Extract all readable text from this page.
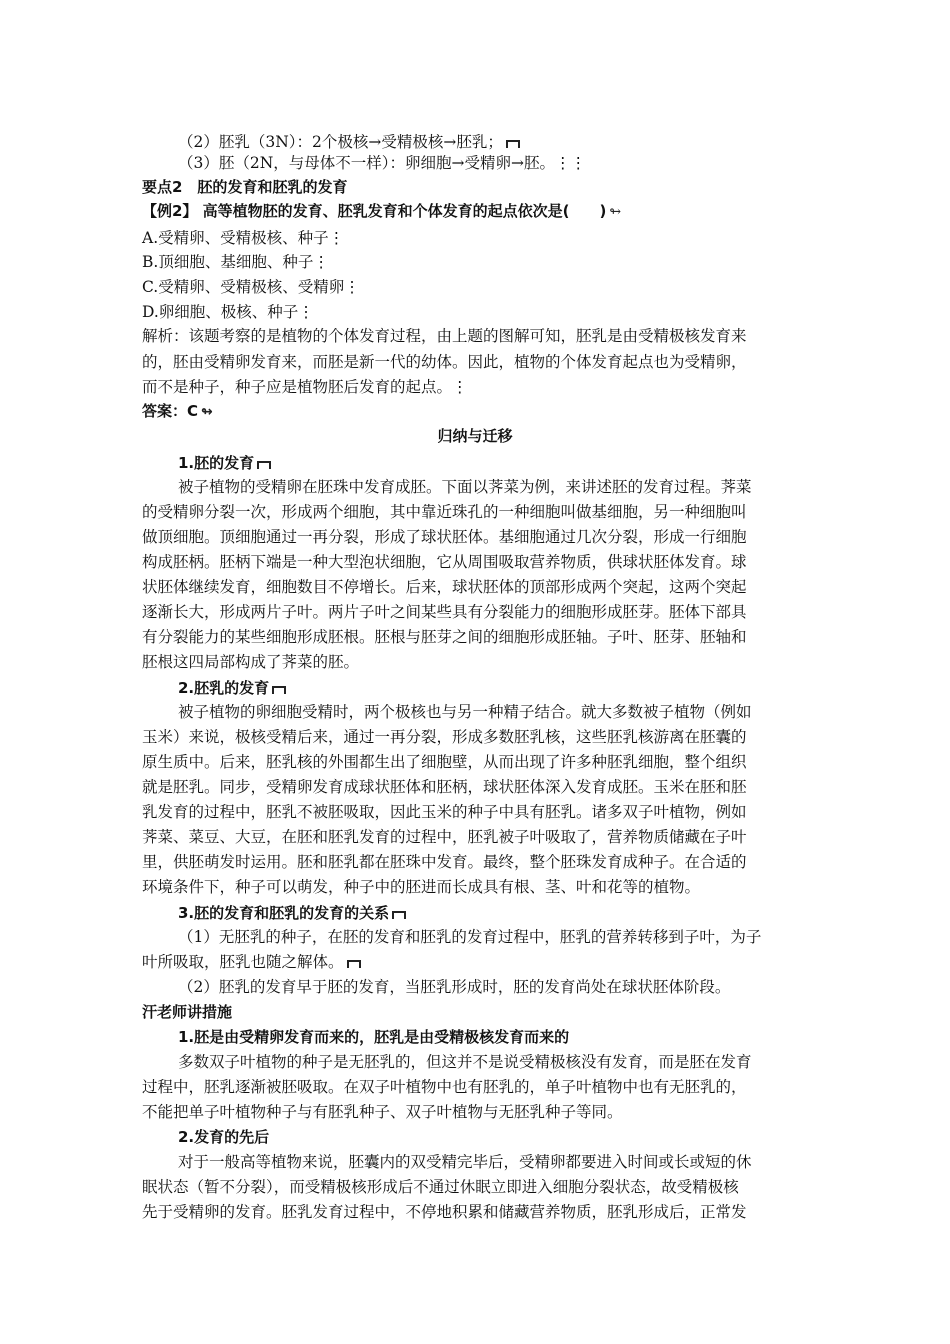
（2）胚乳（3N）：2个极核→受精极核→胚乳；
（3）胚（2N，与母体不一样）：卵细胞→受精卵→胚。⋮⋮
要点2　胚的发育和胚乳的发育
【例2】 高等植物胚的发育、胚乳发育和个体发育的起点依次是(　　) ↬
A.受精卵、受精极核、种子⋮
B.顶细胞、基细胞、种子⋮
C.受精卵、受精极核、受精卵⋮
D.卵细胞、极核、种子⋮
解析：该题考察的是植物的个体发育过程，由上题的图解可知，胚乳是由受精极核发育来
的，胚由受精卵发育来，而胚是新一代的幼体。因此，植物的个体发育起点也为受精卵，
而不是种子，种子应是植物胚后发育的起点。⋮
答案：C ↬
归纳与迁移
1.胚的发育
被子植物的受精卵在胚珠中发育成胚。下面以荠菜为例，来讲述胚的发育过程。荠菜
的受精卵分裂一次，形成两个细胞，其中靠近珠孔的一种细胞叫做基细胞，另一种细胞叫
做顶细胞。顶细胞通过一再分裂，形成了球状胚体。基细胞通过几次分裂，形成一行细胞
构成胚柄。胚柄下端是一种大型泡状细胞，它从周围吸取营养物质，供球状胚体发育。球
状胚体继续发育，细胞数目不停增长。后来，球状胚体的顶部形成两个突起，这两个突起
逐渐长大，形成两片子叶。两片子叶之间某些具有分裂能力的细胞形成胚芽。胚体下部具
有分裂能力的某些细胞形成胚根。胚根与胚芽之间的细胞形成胚轴。子叶、胚芽、胚轴和
胚根这四局部构成了荠菜的胚。
2.胚乳的发育
被子植物的卵细胞受精时，两个极核也与另一种精子结合。就大多数被子植物（例如
玉米）来说，极核受精后来，通过一再分裂，形成多数胚乳核，这些胚乳核游离在胚囊的
原生质中。后来，胚乳核的外围都生出了细胞壁，从而出现了许多种胚乳细胞，整个组织
就是胚乳。同步，受精卵发育成球状胚体和胚柄，球状胚体深入发育成胚。玉米在胚和胚
乳发育的过程中，胚乳不被胚吸取，因此玉米的种子中具有胚乳。诸多双子叶植物，例如
荠菜、菜豆、大豆，在胚和胚乳发育的过程中，胚乳被子叶吸取了，营养物质储藏在子叶
里，供胚萌发时运用。胚和胚乳都在胚珠中发育。最终，整个胚珠发育成种子。在合适的
环境条件下，种子可以萌发，种子中的胚进而长成具有根、茎、叶和花等的植物。
3.胚的发育和胚乳的发育的关系
（1）无胚乳的种子，在胚的发育和胚乳的发育过程中，胚乳的营养转移到子叶，为子
叶所吸取，胚乳也随之解体。
（2）胚乳的发育早于胚的发育，当胚乳形成时，胚的发育尚处在球状胚体阶段。
汗老师讲措施
1.胚是由受精卵发育而来的，胚乳是由受精极核发育而来的
多数双子叶植物的种子是无胚乳的，但这并不是说受精极核没有发育，而是胚在发育
过程中，胚乳逐渐被胚吸取。在双子叶植物中也有胚乳的，单子叶植物中也有无胚乳的，
不能把单子叶植物种子与有胚乳种子、双子叶植物与无胚乳种子等同。
2.发育的先后
对于一般高等植物来说，胚囊内的双受精完毕后，受精卵都要进入时间或长或短的休
眠状态（暂不分裂），而受精极核形成后不通过休眠立即进入细胞分裂状态，故受精极核
先于受精卵的发育。胚乳发育过程中，不停地积累和储藏营养物质，胚乳形成后，正常发
